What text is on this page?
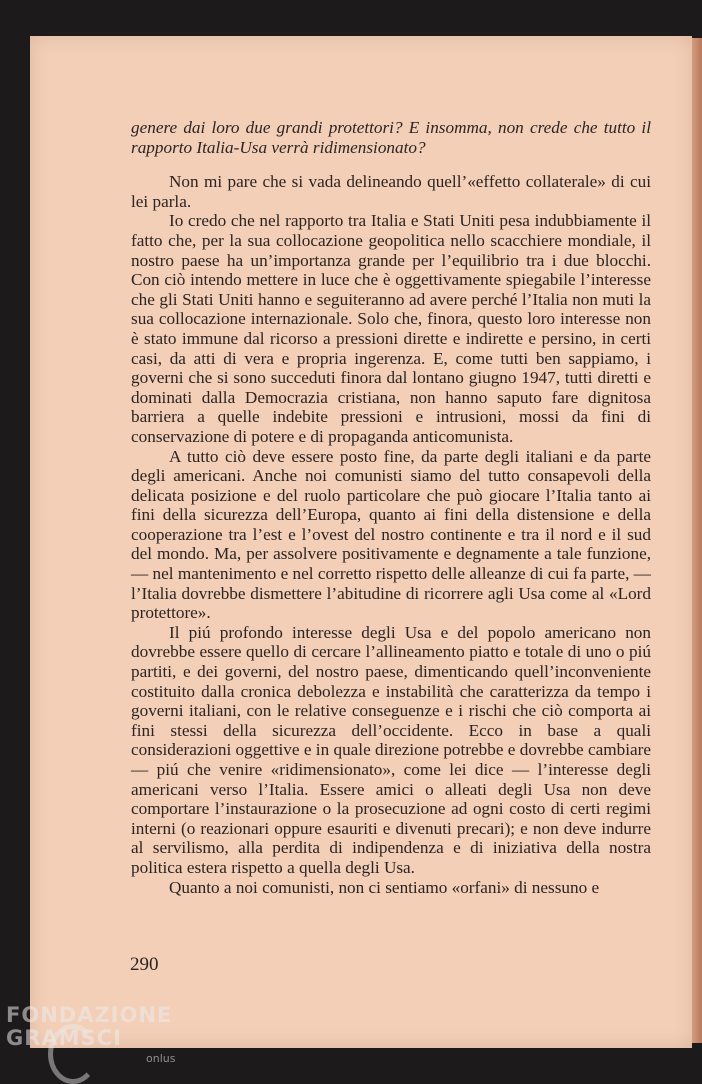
genere dai loro due grandi protettori? E insomma, non crede che tutto il rapporto Italia-Usa verrà ridimensionato?

Non mi pare che si vada delineando quell’«effetto collaterale» di cui lei parla.

Io credo che nel rapporto tra Italia e Stati Uniti pesa indubbiamente il fatto che, per la sua collocazione geopolitica nello scacchiere mondiale, il nostro paese ha un’importanza grande per l’equilibrio tra i due blocchi. Con ciò intendo mettere in luce che è oggettivamente spiegabile l’interesse che gli Stati Uniti hanno e seguiteranno ad avere perché l’Italia non muti la sua collocazione internazionale. Solo che, finora, questo loro interesse non è stato immune dal ricorso a pressioni dirette e indirette e persino, in certi casi, da atti di vera e propria ingerenza. E, come tutti ben sappiamo, i governi che si sono succeduti finora dal lontano giugno 1947, tutti diretti e dominati dalla Democrazia cristiana, non hanno saputo fare dignitosa barriera a quelle indebite pressioni e intrusioni, mossi da fini di conservazione di potere e di propaganda anticomunista.

A tutto ciò deve essere posto fine, da parte degli italiani e da parte degli americani. Anche noi comunisti siamo del tutto consapevoli della delicata posizione e del ruolo particolare che può giocare l’Italia tanto ai fini della sicurezza dell’Europa, quanto ai fini della distensione e della cooperazione tra l’est e l’ovest del nostro continente e tra il nord e il sud del mondo. Ma, per assolvere positivamente e degnamente a tale funzione, — nel mantenimento e nel corretto rispetto delle alleanze di cui fa parte, — l’Italia dovrebbe dismettere l’abitudine di ricorrere agli Usa come al «Lord protettore».

Il piú profondo interesse degli Usa e del popolo americano non dovrebbe essere quello di cercare l’allineamento piatto e totale di uno o piú partiti, e dei governi, del nostro paese, dimenticando quell’inconveniente costituito dalla cronica debolezza e instabilità che caratterizza da tempo i governi italiani, con le relative conseguenze e i rischi che ciò comporta ai fini stessi della sicurezza dell’occidente. Ecco in base a quali considerazioni oggettive e in quale direzione potrebbe e dovrebbe cambiare — piú che venire «ridimensionato», come lei dice — l’interesse degli americani verso l’Italia. Essere amici o alleati degli Usa non deve comportare l’instaurazione o la prosecuzione ad ogni costo di certi regimi interni (o reazionari oppure esauriti e divenuti precari); e non deve indurre al servilismo, alla perdita di indipendenza e di iniziativa della nostra politica estera rispetto a quella degli Usa.

Quanto a noi comunisti, non ci sentiamo «orfani» di nessuno e

290
FONDAZIONE
GRAMSCI
onlus
